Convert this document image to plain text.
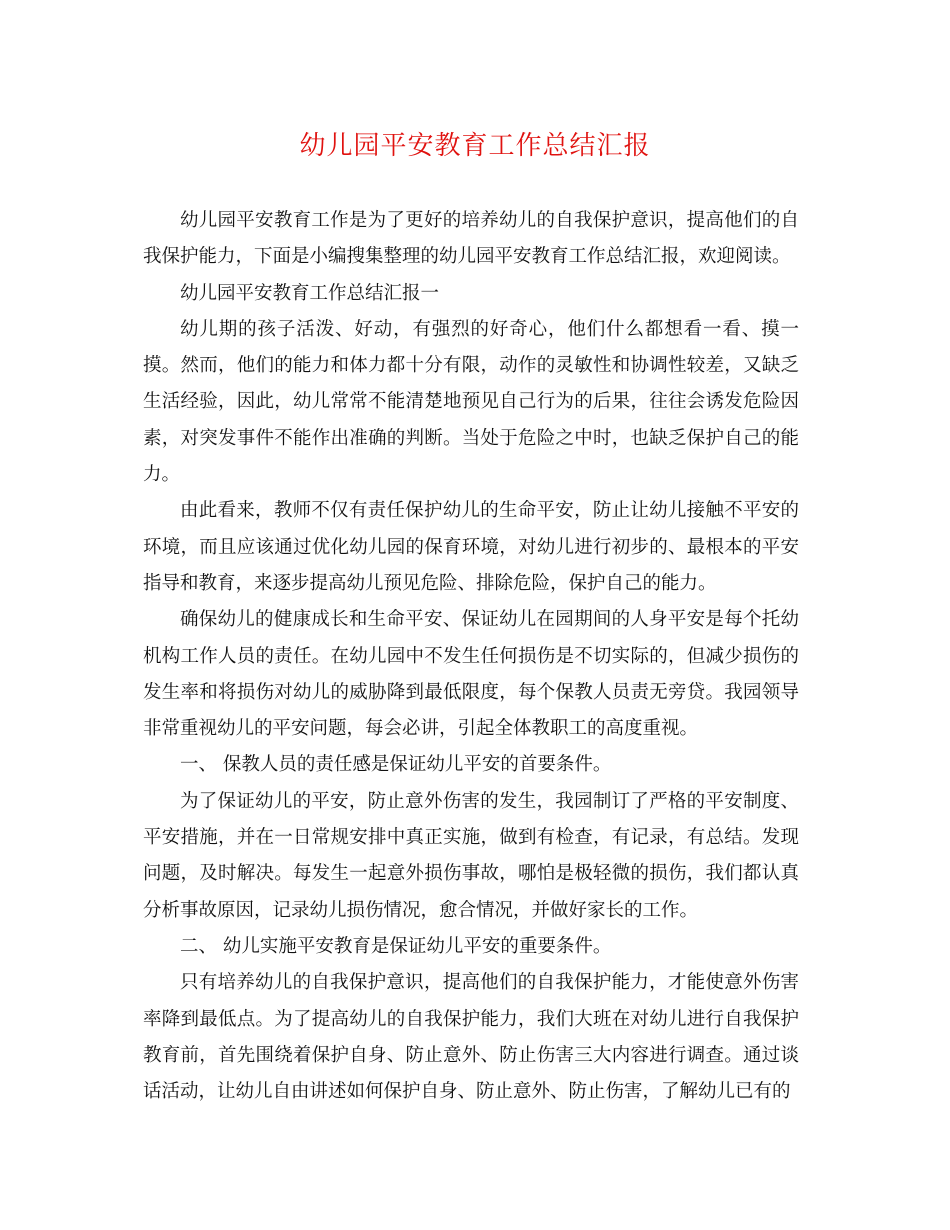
幼儿园平安教育工作总结汇报

幼儿园平安教育工作是为了更好的培养幼儿的自我保护意识，提高他们的自我保护能力，下面是小编搜集整理的幼儿园平安教育工作总结汇报，欢迎阅读。

幼儿园平安教育工作总结汇报一

幼儿期的孩子活泼、好动，有强烈的好奇心，他们什么都想看一看、摸一摸。然而，他们的能力和体力都十分有限，动作的灵敏性和协调性较差，又缺乏生活经验，因此，幼儿常常不能清楚地预见自己行为的后果，往往会诱发危险因素，对突发事件不能作出准确的判断。当处于危险之中时，也缺乏保护自己的能力。

由此看来，教师不仅有责任保护幼儿的生命平安，防止让幼儿接触不平安的环境，而且应该通过优化幼儿园的保育环境，对幼儿进行初步的、最根本的平安指导和教育，来逐步提高幼儿预见危险、排除危险，保护自己的能力。

确保幼儿的健康成长和生命平安、保证幼儿在园期间的人身平安是每个托幼机构工作人员的责任。在幼儿园中不发生任何损伤是不切实际的，但减少损伤的发生率和将损伤对幼儿的威胁降到最低限度，每个保教人员责无旁贷。我园领导非常重视幼儿的平安问题，每会必讲，引起全体教职工的高度重视。

一、 保教人员的责任感是保证幼儿平安的首要条件。

为了保证幼儿的平安，防止意外伤害的发生，我园制订了严格的平安制度、平安措施，并在一日常规安排中真正实施，做到有检查，有记录，有总结。发现问题，及时解决。每发生一起意外损伤事故，哪怕是极轻微的损伤，我们都认真分析事故原因，记录幼儿损伤情况，愈合情况，并做好家长的工作。

二、 幼儿实施平安教育是保证幼儿平安的重要条件。

只有培养幼儿的自我保护意识，提高他们的自我保护能力，才能使意外伤害率降到最低点。为了提高幼儿的自我保护能力，我们大班在对幼儿进行自我保护教育前，首先围绕着保护自身、防止意外、防止伤害三大内容进行调查。通过谈话活动，让幼儿自由讲述如何保护自身、防止意外、防止伤害，了解幼儿已有的
